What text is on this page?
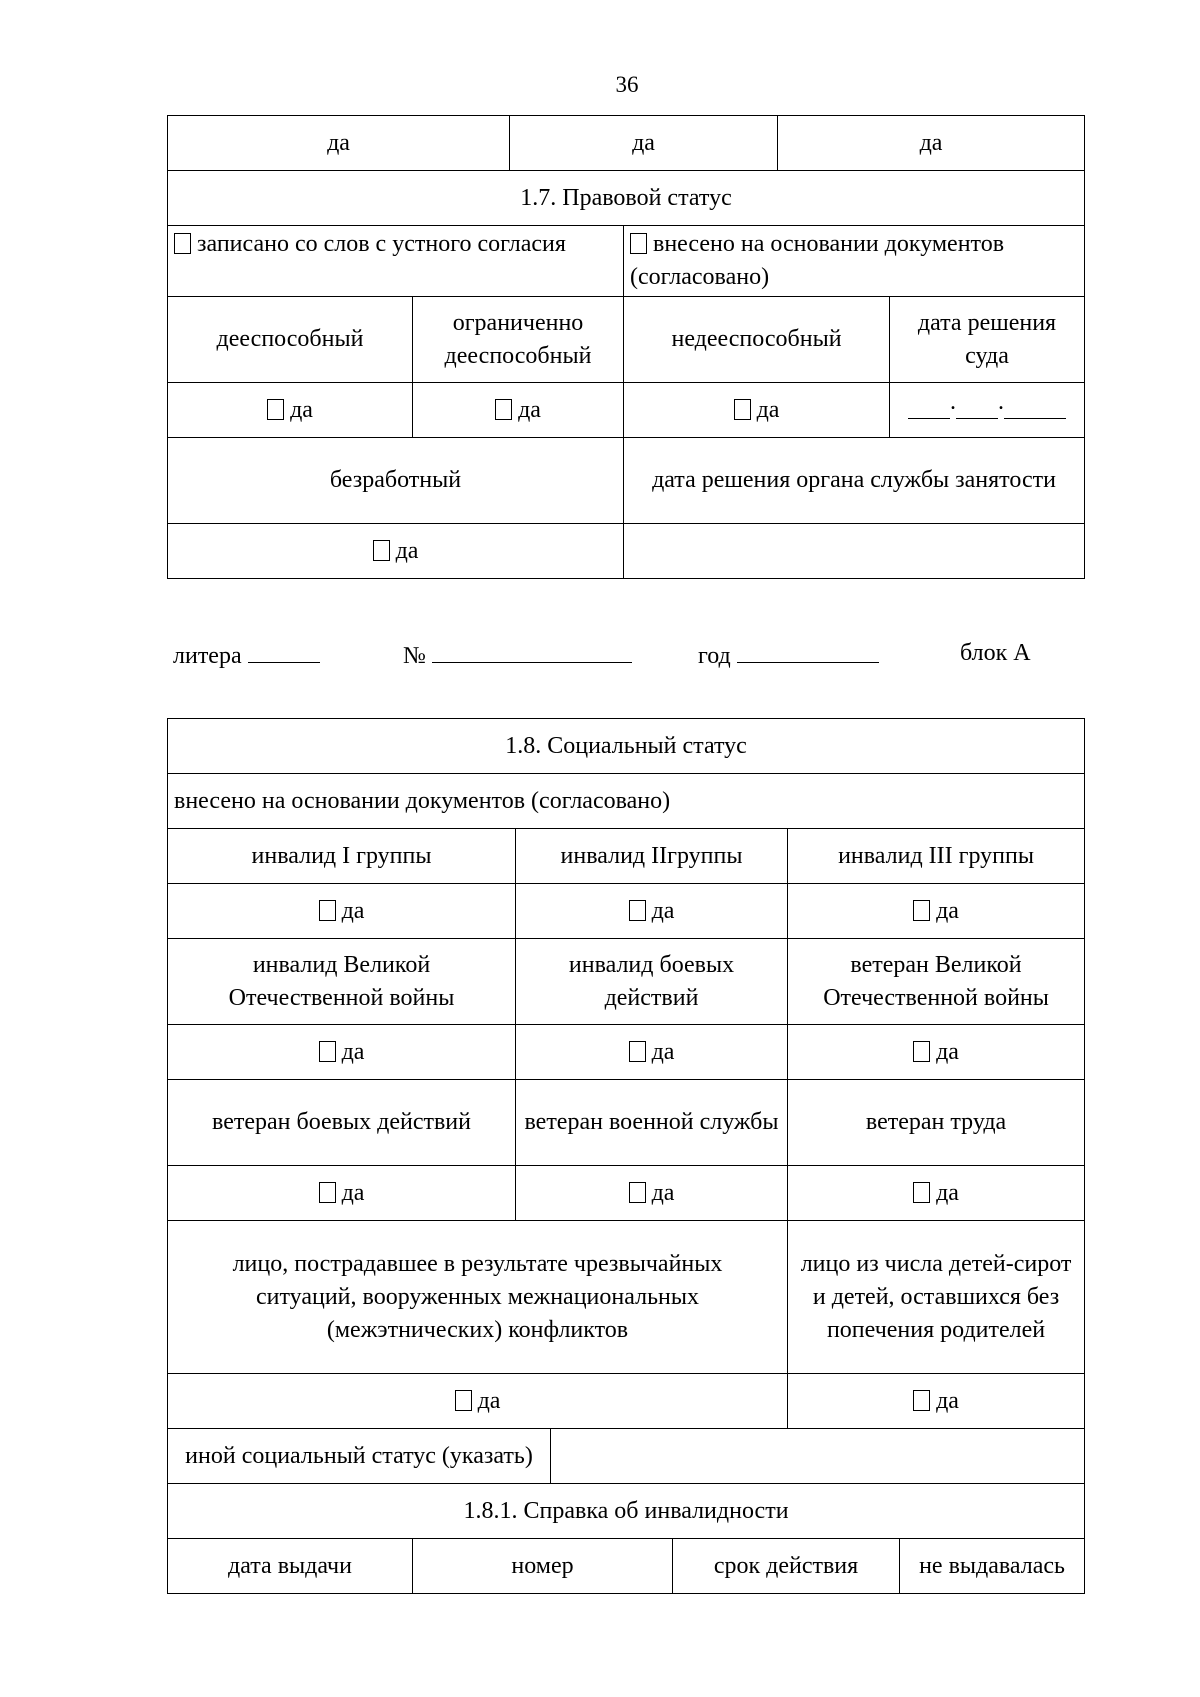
36
да		да		да	
1.7. Правовой статус					
записано со слов с устного согласия			внесено на основании документов (согласовано)		
дееспособный	ограниченно дееспособный		недееспособный		дата решения суда
да	да		да		. .

безработный			дата решения органа службы занятости		
да					
литера	№	год	блок А
1.8. Социальный статус						
внесено на основании документов (согласовано)						
инвалид I группы		инвалид IIгруппы			инвалид III группы	
да		да			да	
инвалид Великой Отечественной войны		инвалид боевых действий			ветеран Великой Отечественной войны	
да		да			да	
ветеран боевых действий		ветеран военной службы			ветеран труда	
да		да			да	
лицо, пострадавшее в результате чрезвычайных ситуаций, вооруженных межнациональных (межэтнических) конфликтов					лицо из числа детей-сирот и детей, оставшихся без попечения родителей	
да					да	
иной социальный статус (указать)						
1.8.1. Справка об инвалидности						
дата выдачи	номер			срок действия		не выдавалась
